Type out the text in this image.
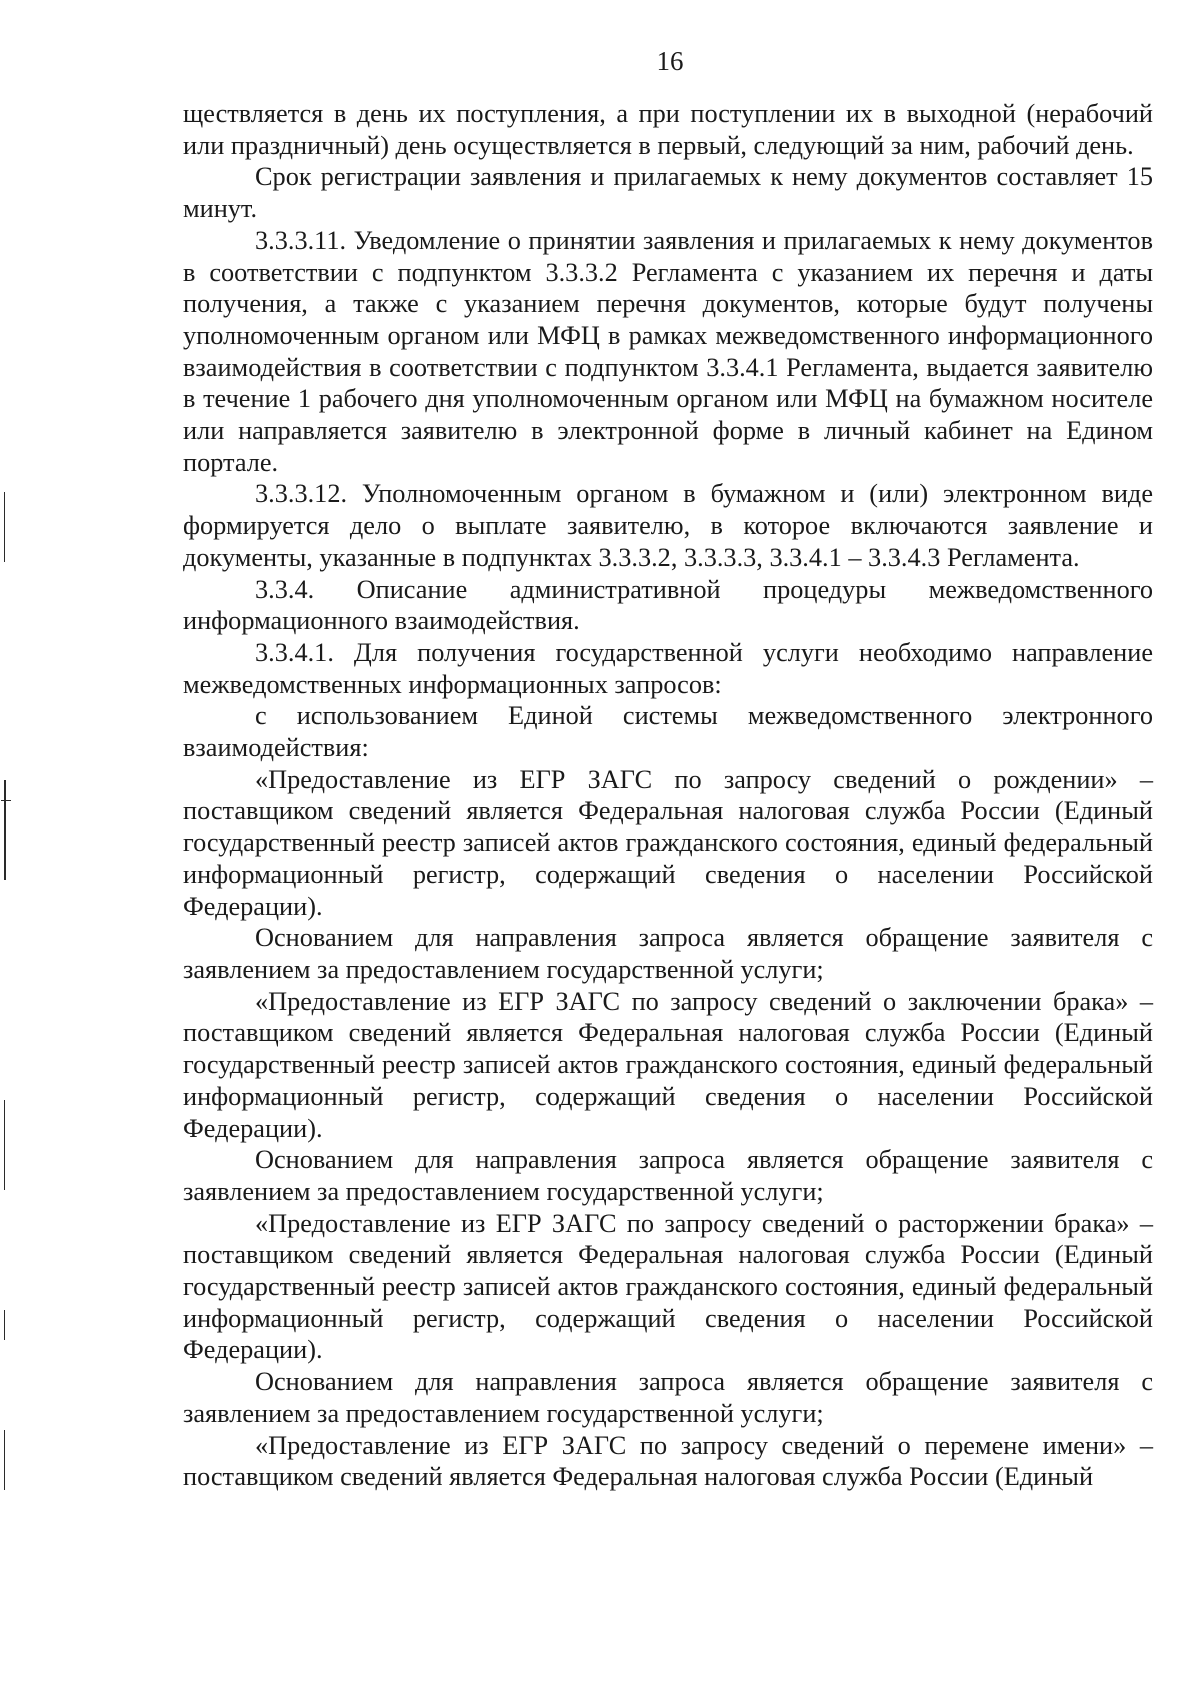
16

ществляется в день их поступления, а при поступлении их в выходной (нерабочий или праздничный) день осуществляется в первый, следующий за ним, рабочий день.

Срок регистрации заявления и прилагаемых к нему документов составляет 15 минут.

3.3.3.11. Уведомление о принятии заявления и прилагаемых к нему документов в соответствии с подпунктом 3.3.3.2 Регламента с указанием их перечня и даты получения, а также с указанием перечня документов, которые будут получены уполномоченным органом или МФЦ в рамках межведомственного информационного взаимодействия в соответствии с подпунктом 3.3.4.1 Регламента, выдается заявителю в течение 1 рабочего дня уполномоченным органом или МФЦ на бумажном носителе или направляется заявителю в электронной форме в личный кабинет на Едином портале.

3.3.3.12. Уполномоченным органом в бумажном и (или) электронном виде формируется дело о выплате заявителю, в которое включаются заявление и документы, указанные в подпунктах 3.3.3.2, 3.3.3.3, 3.3.4.1 – 3.3.4.3 Регламента.

3.3.4. Описание административной процедуры межведомственного информационного взаимодействия.

3.3.4.1. Для получения государственной услуги необходимо направление межведомственных информационных запросов:

с использованием Единой системы межведомственного электронного взаимодействия:

«Предоставление из ЕГР ЗАГС по запросу сведений о рождении» – поставщиком сведений является Федеральная налоговая служба России (Единый государственный реестр записей актов гражданского состояния, единый федеральный информационный регистр, содержащий сведения о населении Российской Федерации).

Основанием для направления запроса является обращение заявителя с заявлением за предоставлением государственной услуги;

«Предоставление из ЕГР ЗАГС по запросу сведений о заключении брака» – поставщиком сведений является Федеральная налоговая служба России (Единый государственный реестр записей актов гражданского состояния, единый федеральный информационный регистр, содержащий сведения о населении Российской Федерации).

Основанием для направления запроса является обращение заявителя с заявлением за предоставлением государственной услуги;

«Предоставление из ЕГР ЗАГС по запросу сведений о расторжении брака» – поставщиком сведений является Федеральная налоговая служба России (Единый государственный реестр записей актов гражданского состояния, единый федеральный информационный регистр, содержащий сведения о населении Российской Федерации).

Основанием для направления запроса является обращение заявителя с заявлением за предоставлением государственной услуги;

«Предоставление из ЕГР ЗАГС по запросу сведений о перемене имени» – поставщиком сведений является Федеральная налоговая служба России (Единый
